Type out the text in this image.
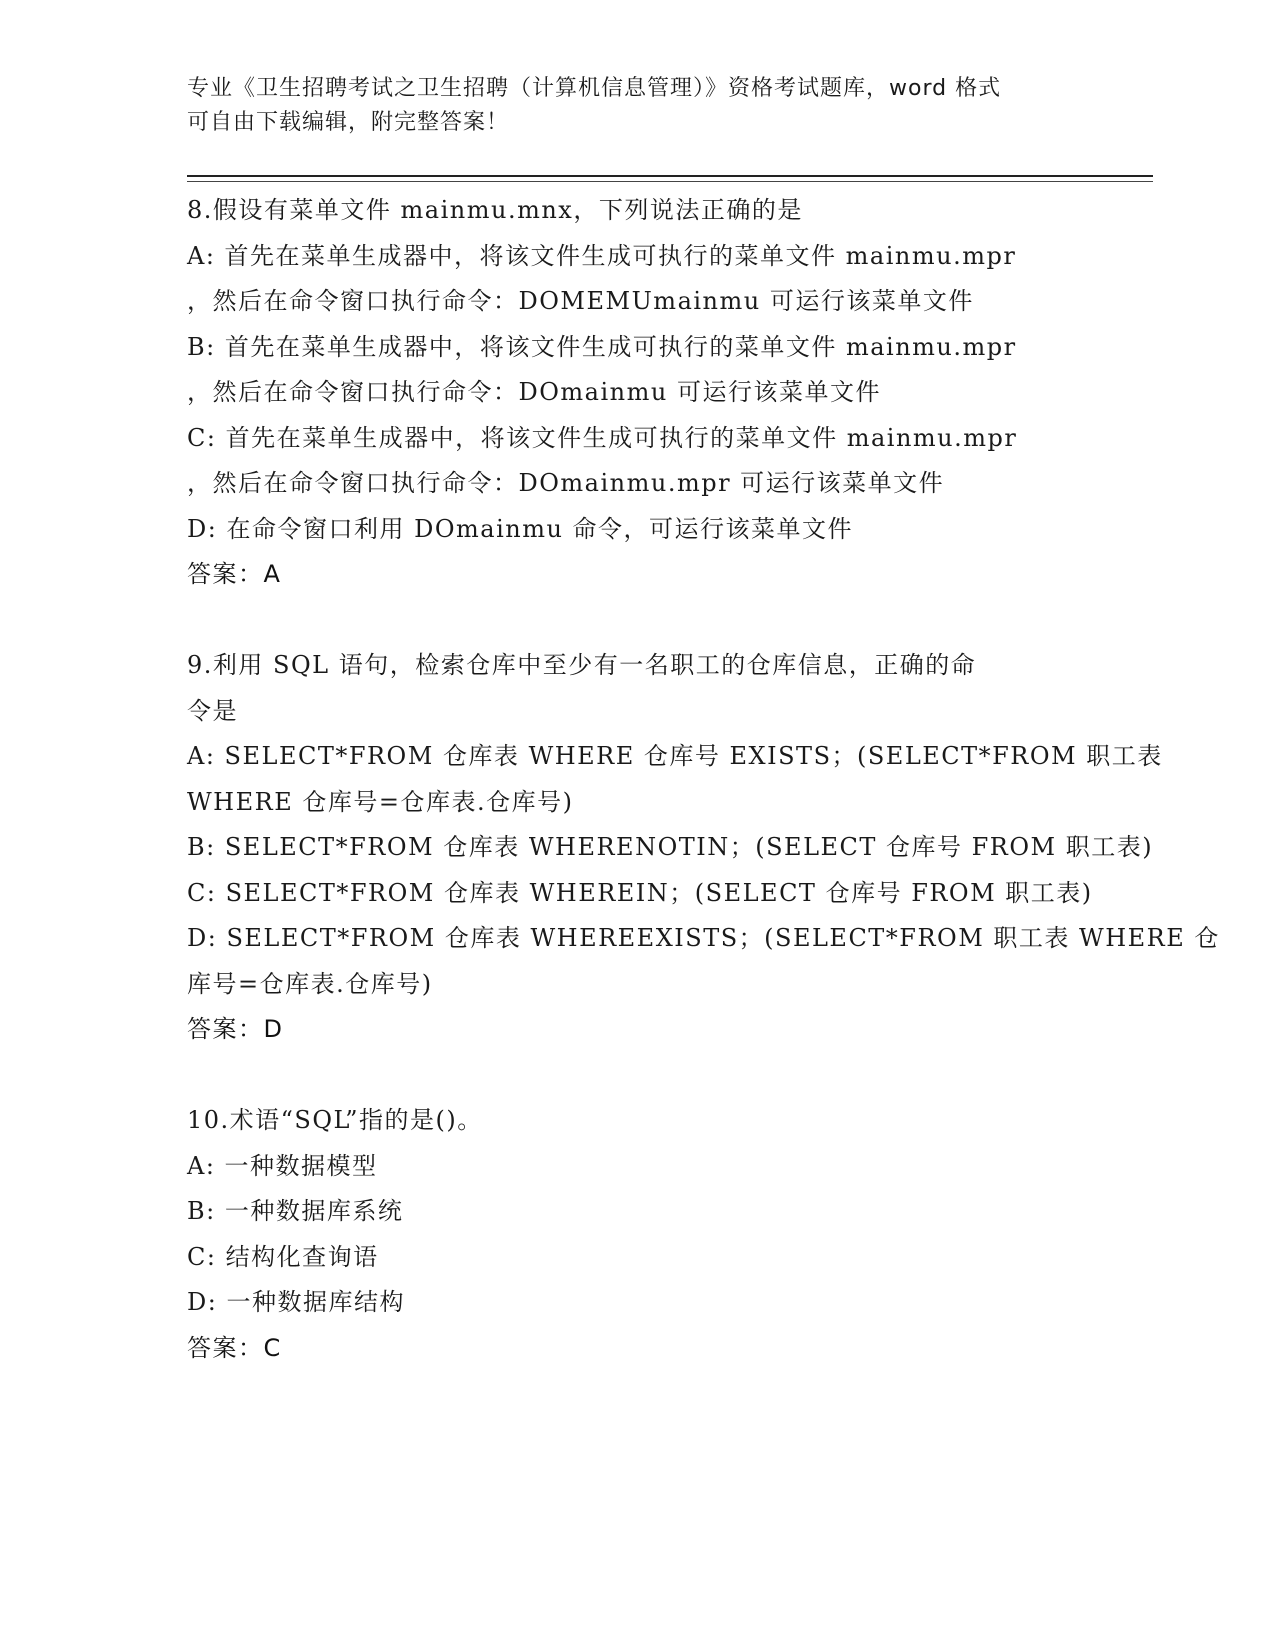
专业《卫生招聘考试之卫生招聘（计算机信息管理）》资格考试题库，word 格式
可自由下载编辑，附完整答案！
8.假设有菜单文件 mainmu.mnx，下列说法正确的是
A: 首先在菜单生成器中，将该文件生成可执行的菜单文件 mainmu.mpr
，然后在命令窗口执行命令：DOMEMUmainmu 可运行该菜单文件
B: 首先在菜单生成器中，将该文件生成可执行的菜单文件 mainmu.mpr
，然后在命令窗口执行命令：DOmainmu 可运行该菜单文件
C: 首先在菜单生成器中，将该文件生成可执行的菜单文件 mainmu.mpr
，然后在命令窗口执行命令：DOmainmu.mpr 可运行该菜单文件
D: 在命令窗口利用 DOmainmu 命令，可运行该菜单文件
答案：A
9.利用 SQL 语句，检索仓库中至少有一名职工的仓库信息，正确的命
令是
A: SELECT*FROM 仓库表 WHERE 仓库号 EXISTS；(SELECT*FROM 职工表
WHERE 仓库号=仓库表.仓库号)
B: SELECT*FROM 仓库表 WHERENOTIN；(SELECT 仓库号 FROM 职工表)
C: SELECT*FROM 仓库表 WHEREIN；(SELECT 仓库号 FROM 职工表)
D: SELECT*FROM 仓库表 WHEREEXISTS；(SELECT*FROM 职工表 WHERE 仓
库号=仓库表.仓库号)
答案：D
10.术语“SQL”指的是()。
A: 一种数据模型
B: 一种数据库系统
C: 结构化查询语
D: 一种数据库结构
答案：C
